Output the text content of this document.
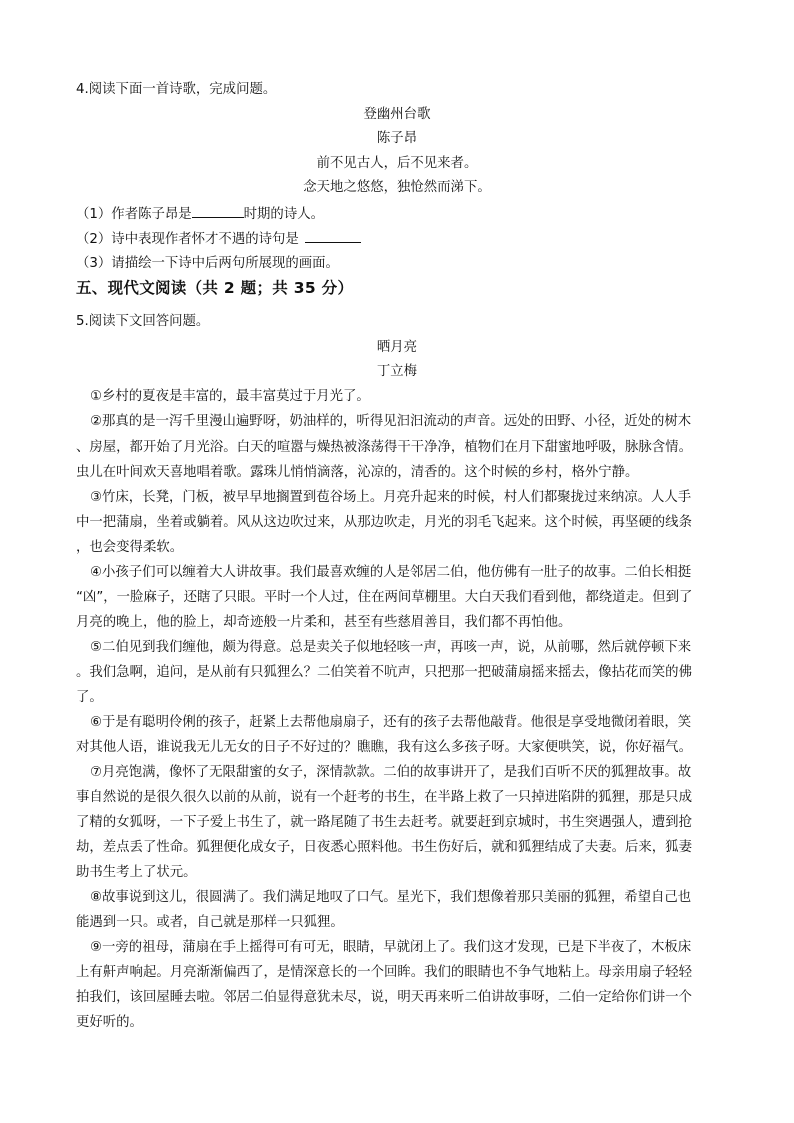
4.阅读下面一首诗歌，完成问题。
登幽州台歌
陈子昂
前不见古人，后不见来者。
念天地之悠悠，独怆然而涕下。
（1）作者陈子昂是	时期的诗人。
（2）诗中表现作者怀才不遇的诗句是
（3）请描绘一下诗中后两句所展现的画面。
五、现代文阅读（共 2 题；共 35 分）
5.阅读下文回答问题。
晒月亮
丁立梅
①乡村的夏夜是丰富的，最丰富莫过于月光了。
②那真的是一泻千里漫山遍野呀，奶油样的，听得见汩汩流动的声音。远处的田野、小径，近处的树木
、房屋，都开始了月光浴。白天的喧嚣与燥热被涤荡得干干净净，植物们在月下甜蜜地呼吸，脉脉含情。
虫儿在叶间欢天喜地唱着歌。露珠儿悄悄滴落，沁凉的，清香的。这个时候的乡村，格外宁静。
③竹床，长凳，门板，被早早地搁置到苞谷场上。月亮升起来的时候，村人们都聚拢过来纳凉。人人手
中一把蒲扇，坐着或躺着。风从这边吹过来，从那边吹走，月光的羽毛飞起来。这个时候，再坚硬的线条
，也会变得柔软。
④小孩子们可以缠着大人讲故事。我们最喜欢缠的人是邻居二伯，他仿佛有一肚子的故事。二伯长相挺
“凶”，一脸麻子，还瞎了只眼。平时一个人过，住在两间草棚里。大白天我们看到他，都绕道走。但到了
月亮的晚上，他的脸上，却奇迹般一片柔和，甚至有些慈眉善目，我们都不再怕他。
⑤二伯见到我们缠他，颇为得意。总是卖关子似地轻咳一声，再咳一声，说，从前哪，然后就停顿下来
。我们急啊，追问，是从前有只狐狸么？二伯笑着不吭声，只把那一把破蒲扇摇来摇去，像拈花而笑的佛
了。
⑥于是有聪明伶俐的孩子，赶紧上去帮他扇扇子，还有的孩子去帮他敲背。他很是享受地微闭着眼，笑
对其他人语，谁说我无儿无女的日子不好过的？瞧瞧，我有这么多孩子呀。大家便哄笑，说，你好福气。
⑦月亮饱满，像怀了无限甜蜜的女子，深情款款。二伯的故事讲开了，是我们百听不厌的狐狸故事。故
事自然说的是很久很久以前的从前，说有一个赶考的书生，在半路上救了一只掉进陷阱的狐狸，那是只成
了精的女狐呀，一下子爱上书生了，就一路尾随了书生去赶考。就要赶到京城时，书生突遇强人，遭到抢
劫，差点丢了性命。狐狸便化成女子，日夜悉心照料他。书生伤好后，就和狐狸结成了夫妻。后来，狐妻
助书生考上了状元。
⑧故事说到这儿，很圆满了。我们满足地叹了口气。星光下，我们想像着那只美丽的狐狸，希望自己也
能遇到一只。或者，自己就是那样一只狐狸。
⑨一旁的祖母，蒲扇在手上摇得可有可无，眼睛，早就闭上了。我们这才发现，已是下半夜了，木板床
上有鼾声响起。月亮渐渐偏西了，是情深意长的一个回眸。我们的眼睛也不争气地粘上。母亲用扇子轻轻
拍我们，该回屋睡去啦。邻居二伯显得意犹未尽，说，明天再来听二伯讲故事呀，二伯一定给你们讲一个
更好听的。
